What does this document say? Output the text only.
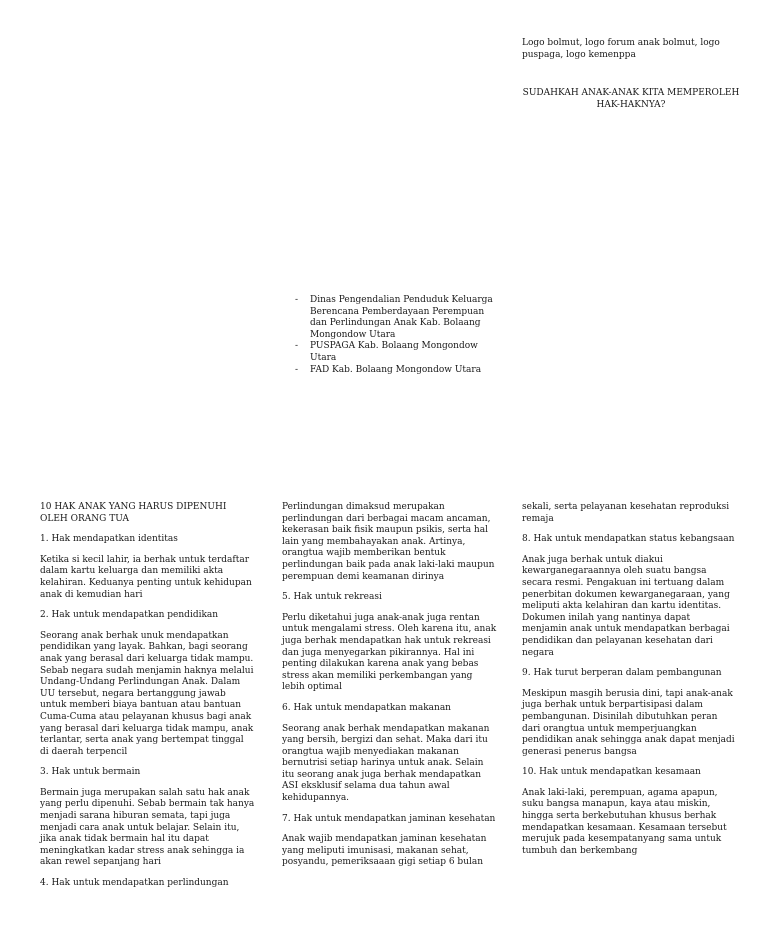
Logo bolmut, logo forum anak bolmut, logo puspaga, logo kemenppa
SUDAHKAH ANAK-ANAK KITA MEMPEROLEH HAK-HAKNYA?
- Dinas Pengendalian Penduduk Keluarga Berencana Pemberdayaan Perempuan dan Perlindungan Anak Kab. Bolaang Mongondow Utara
- PUSPAGA Kab. Bolaang Mongondow Utara
- FAD Kab. Bolaang Mongondow Utara
10 HAK ANAK YANG HARUS DIPENUHI OLEH ORANG TUA
1. Hak mendapatkan identitas

Ketika si kecil lahir, ia berhak untuk terdaftar dalam kartu keluarga dan memiliki akta kelahiran. Keduanya penting untuk kehidupan anak di kemudian hari

2. Hak untuk mendapatkan pendidikan

Seorang anak berhak unuk mendapatkan pendidikan yang layak. Bahkan, bagi seorang anak yang berasal dari keluarga tidak mampu. Sebab negara sudah menjamin haknya melalui Undang-Undang Perlindungan Anak. Dalam UU tersebut, negara bertanggung jawab untuk memberi biaya bantuan atau bantuan Cuma-Cuma atau pelayanan khusus bagi anak yang berasal dari keluarga tidak mampu, anak terlantar, serta anak yang bertempat tinggal di daerah terpencil

3. Hak untuk bermain

Bermain juga merupakan salah satu hak anak yang perlu dipenuhi. Sebab bermain tak hanya menjadi sarana hiburan semata, tapi juga menjadi cara anak untuk belajar. Selain itu, jika anak tidak bermain hal itu dapat meningkatkan kadar stress anak sehingga ia akan rewel sepanjang hari

4. Hak untuk mendapatkan perlindungan

Perlindungan dimaksud merupakan perlindungan dari berbagai macam ancaman, kekerasan baik fisik maupun psikis, serta hal lain yang membahayakan anak. Artinya, orangtua wajib memberikan bentuk perlindungan baik pada anak laki-laki maupun perempuan demi keamanan dirinya

5. Hak untuk rekreasi

Perlu diketahui juga anak-anak juga rentan untuk mengalami stress. Oleh karena itu, anak juga berhak mendapatkan hak untuk rekreasi dan juga menyegarkan pikirannya. Hal ini penting dilakukan karena anak yang bebas stress akan memiliki perkembangan yang lebih optimal

6. Hak untuk mendapatkan makanan

Seorang anak berhak mendapatkan makanan yang bersih, bergizi dan sehat. Maka dari itu orangtua wajib menyediakan makanan bernutrisi setiap harinya untuk anak. Selain itu seorang anak juga berhak mendapatkan ASI eksklusif selama dua tahun awal kehidupannya.

7. Hak untuk mendapatkan jaminan kesehatan

Anak wajib mendapatkan jaminan kesehatan yang meliputi imunisasi, makanan sehat, posyandu, pemeriksaaan gigi setiap 6 bulan

sekali, serta pelayanan kesehatan reproduksi remaja

8. Hak untuk mendapatkan status kebangsaan

Anak juga berhak untuk diakui kewarganegaraannya oleh suatu bangsa secara resmi. Pengakuan ini tertuang dalam penerbitan dokumen kewarganegaraan, yang meliputi akta kelahiran dan kartu identitas. Dokumen inilah yang nantinya dapat menjamin anak untuk mendapatkan berbagai pendidikan dan pelayanan kesehatan dari negara

9. Hak turut berperan dalam pembangunan

Meskipun masgih berusia dini, tapi anak-anak juga berhak untuk berpartisipasi dalam pembangunan. Disinilah dibutuhkan peran dari orangtua untuk memperjuangkan pendidikan anak sehingga anak dapat menjadi generasi penerus bangsa

10. Hak untuk mendapatkan kesamaan

Anak laki-laki, perempuan, agama apapun, suku bangsa manapun, kaya atau miskin, hingga serta berkebutuhan khusus berhak mendapatkan kesamaan. Kesamaan tersebut merujuk pada kesempatanyang sama untuk tumbuh dan berkembang
